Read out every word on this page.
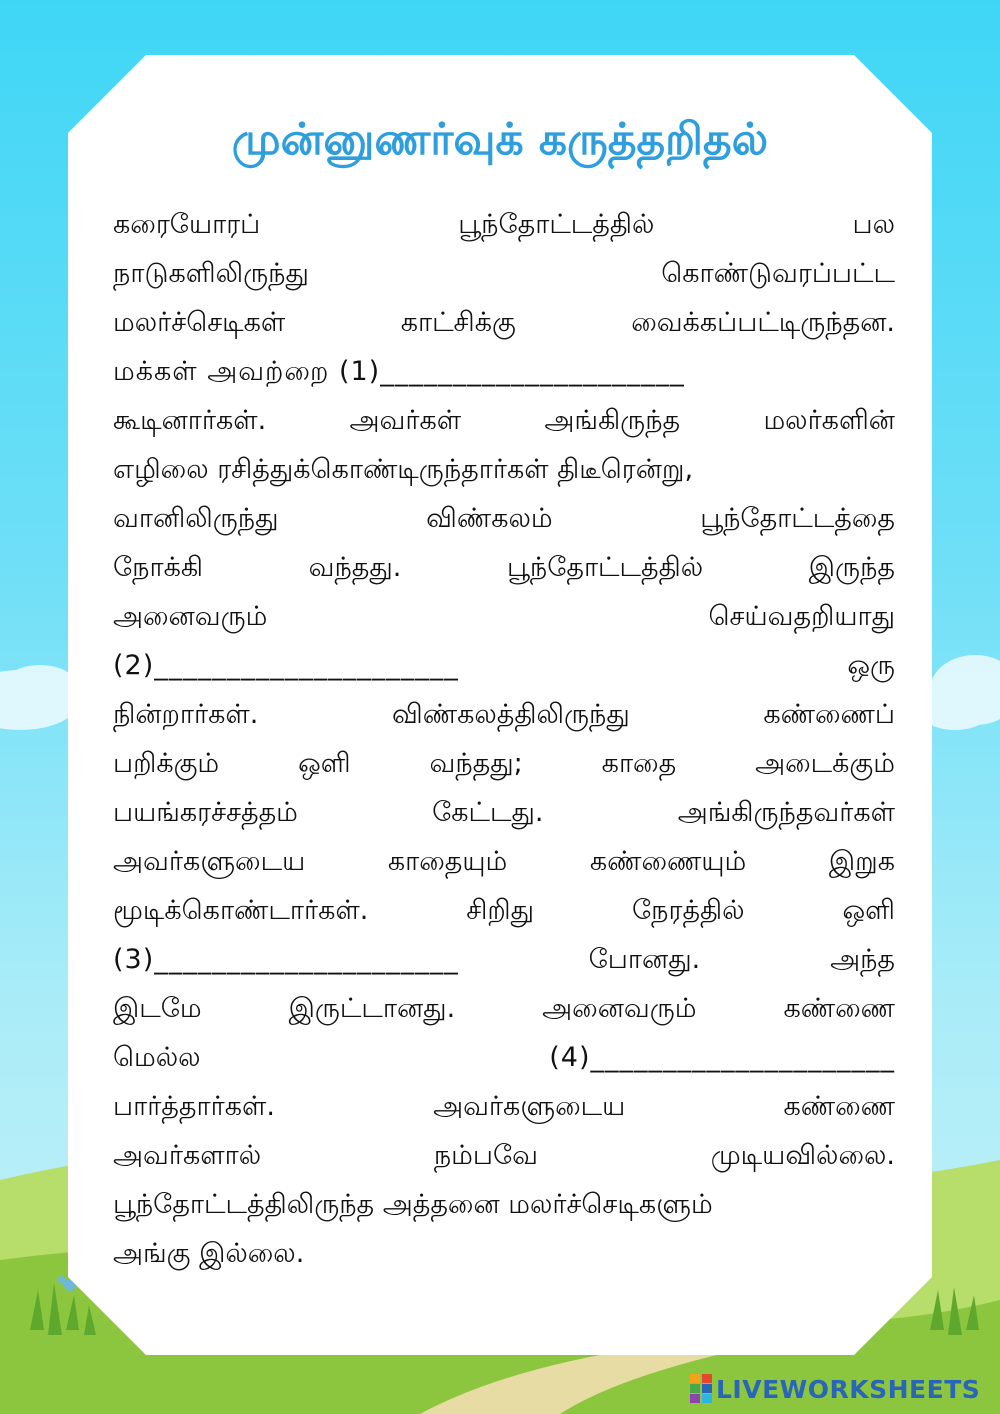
முன்னுணர்வுக் கருத்தறிதல்
கரையோரப்	பூந்தோட்டத்தில்	பல
நாடுகளிலிருந்து	கொண்டுவரப்பட்ட
மலர்ச்செடிகள்	காட்சிக்கு	வைக்கப்பட்டிருந்தன.
மக்கள் அவற்றை (1)_____________________
கூடினார்கள்.	அவர்கள்	அங்கிருந்த	மலர்களின்
எழிலை ரசித்துக்கொண்டிருந்தார்கள் திடீரென்று,
வானிலிருந்து	விண்கலம்	பூந்தோட்டத்தை
நோக்கி	வந்தது.	பூந்தோட்டத்தில்	இருந்த
அனைவரும்	செய்வதறியாது
(2)_____________________	ஒரு
நின்றார்கள்.	விண்கலத்திலிருந்து	கண்ணைப்
பறிக்கும்	ஒளி	வந்தது;	காதை	அடைக்கும்
பயங்கரச்சத்தம்	கேட்டது.	அங்கிருந்தவர்கள்
அவர்களுடைய	காதையும்	கண்ணையும்	இறுக
மூடிக்கொண்டார்கள்.	சிறிது	நேரத்தில்	ஒளி
(3)_____________________	போனது.	அந்த
இடமே	இருட்டானது.	அனைவரும்	கண்ணை
மெல்ல	(4)_____________________
பார்த்தார்கள்.	அவர்களுடைய	கண்ணை
அவர்களால்	நம்பவே	முடியவில்லை.
பூந்தோட்டத்திலிருந்த அத்தனை மலர்ச்செடிகளும்
அங்கு இல்லை.
LIVEWORKSHEETS
